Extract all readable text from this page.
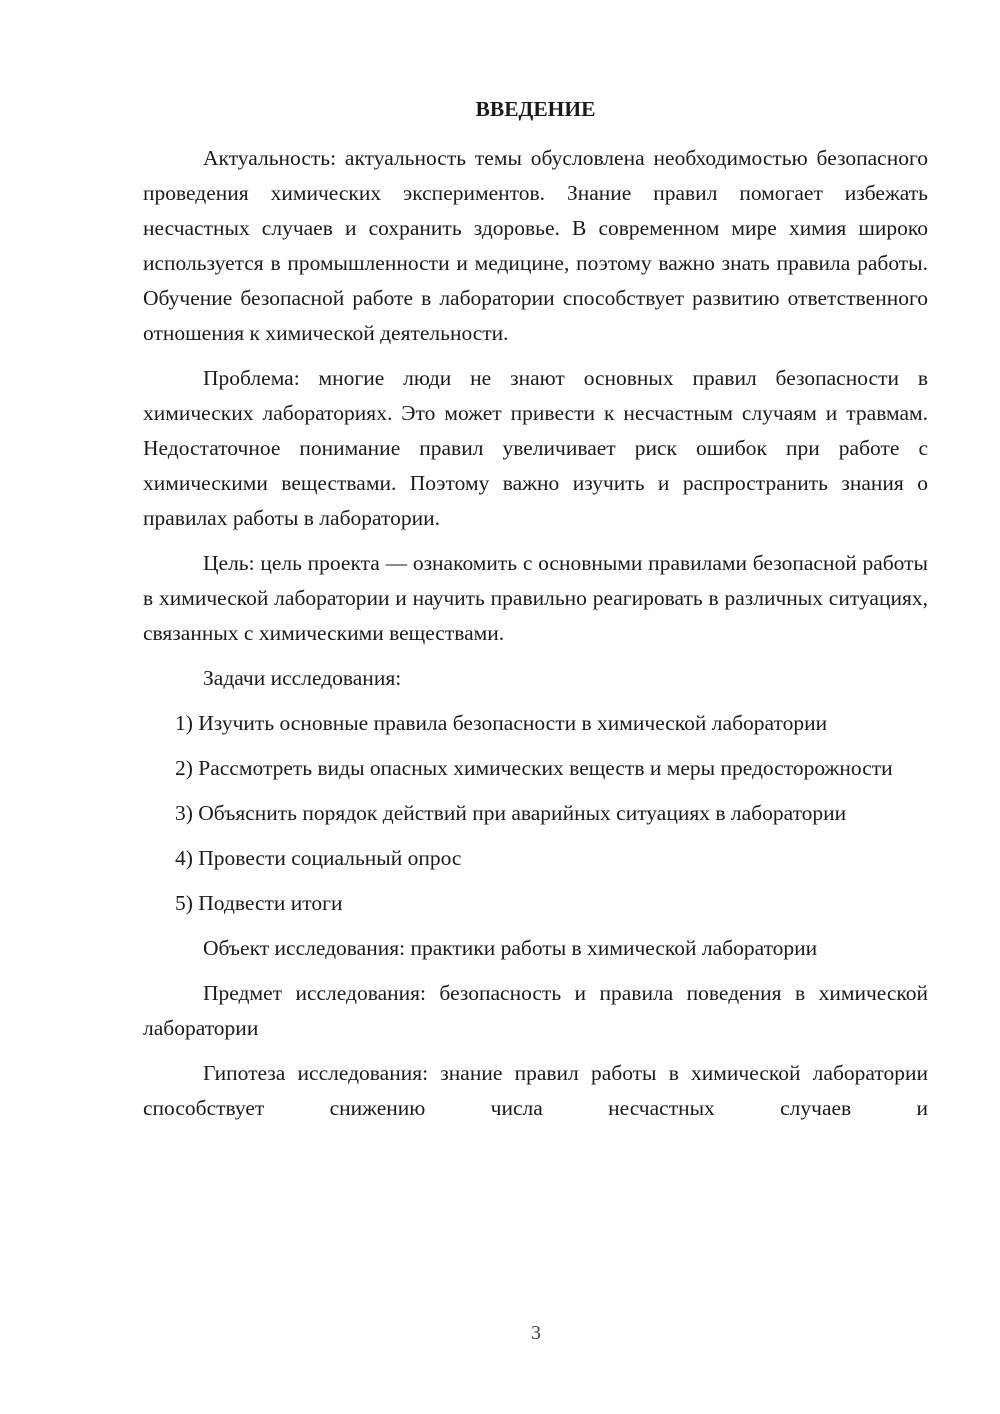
ВВЕДЕНИЕ

Актуальность: актуальность темы обусловлена необходимостью безопасного проведения химических экспериментов. Знание правил помогает избежать несчастных случаев и сохранить здоровье. В современном мире химия широко используется в промышленности и медицине, поэтому важно знать правила работы. Обучение безопасной работе в лаборатории способствует развитию ответственного отношения к химической деятельности.

Проблема: многие люди не знают основных правил безопасности в химических лабораториях. Это может привести к несчастным случаям и травмам. Недостаточное понимание правил увеличивает риск ошибок при работе с химическими веществами. Поэтому важно изучить и распространить знания о правилах работы в лаборатории.

Цель: цель проекта — ознакомить с основными правилами безопасной работы в химической лаборатории и научить правильно реагировать в различных ситуациях, связанных с химическими веществами.

Задачи исследования:

1) Изучить основные правила безопасности в химической лаборатории

2) Рассмотреть виды опасных химических веществ и меры предосторожности

3) Объяснить порядок действий при аварийных ситуациях в лаборатории

4) Провести социальный опрос

5) Подвести итоги

Объект исследования: практики работы в химической лаборатории

Предмет исследования: безопасность и правила поведения в химической лаборатории

Гипотеза исследования: знание правил работы в химической лаборатории способствует снижению числа несчастных случаев и

3
